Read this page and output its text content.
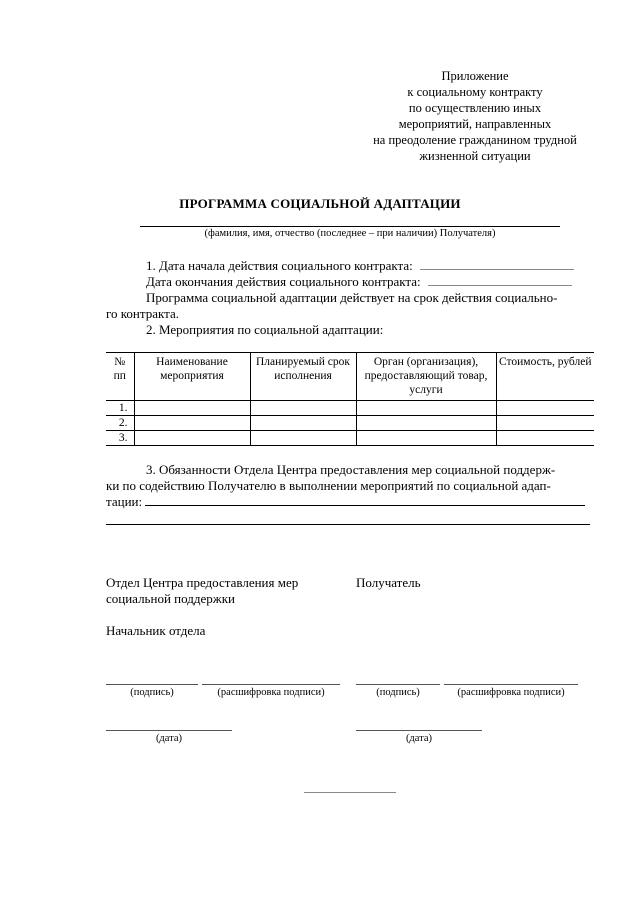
Приложение
к социальному контракту
по осуществлению иных
мероприятий, направленных
на преодоление гражданином трудной
жизненной ситуации
ПРОГРАММА СОЦИАЛЬНОЙ АДАПТАЦИИ
(фамилия, имя, отчество (последнее – при наличии) Получателя)
1. Дата начала действия социального контракта:
Дата окончания действия социального контракта:
Программа социальной адаптации действует на срок действия социально-
го контракта.
2. Мероприятия по социальной адаптации:
№ пп	Наименование мероприятия	Планируемый срок исполнения	Орган (организация), предоставляющий товар, услуги	Стоимость, рублей
1.				
2.				
3.				
3. Обязанности Отдела Центра предоставления мер социальной поддерж-
ки по содействию Получателю в выполнении мероприятий по социальной адап-
тации:
Отдел Центра предоставления мер
социальной поддержки
Получатель
Начальник отдела
(подпись)	(расшифровка подписи)	(подпись)	(расшифровка подписи)
(дата)	(дата)
